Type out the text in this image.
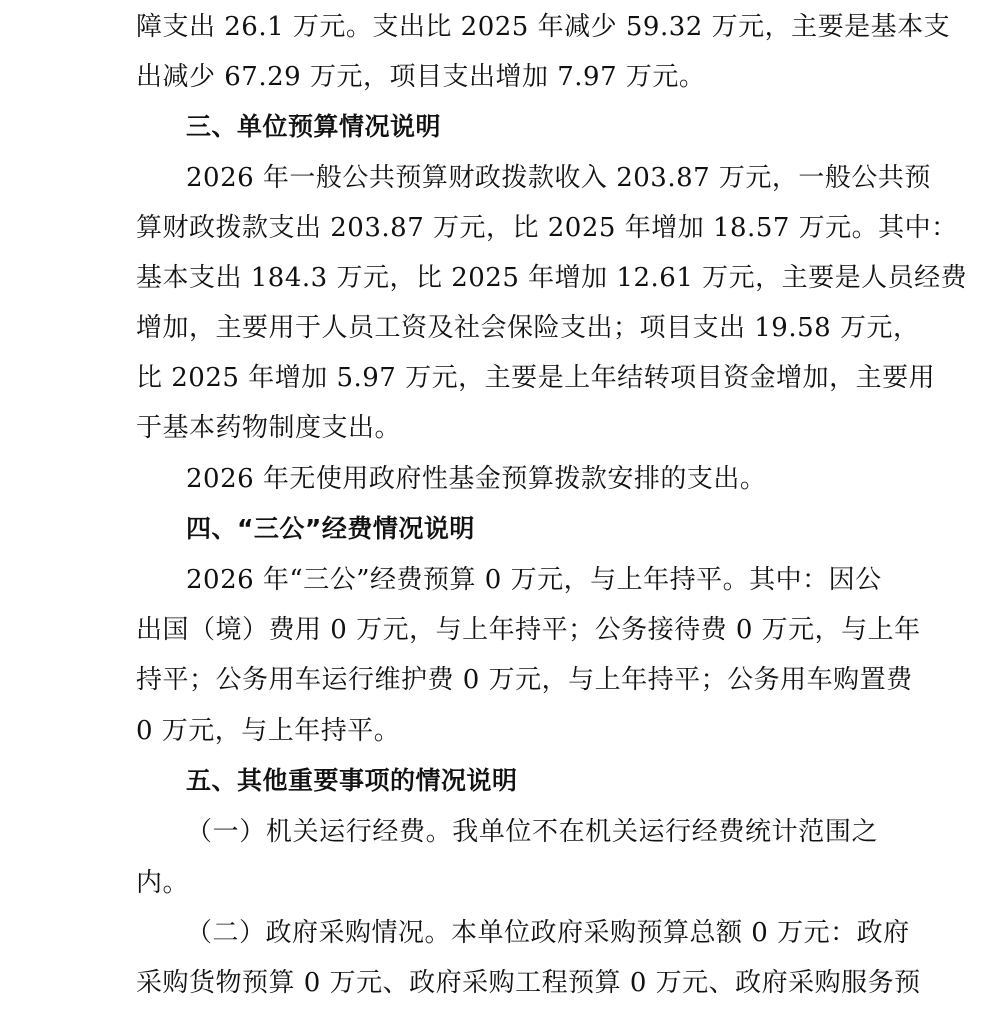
障支出 26.1 万元。支出比 2025 年减少 59.32 万元，主要是基本支
出减少 67.29 万元，项目支出增加 7.97 万元。
三、单位预算情况说明
2026 年一般公共预算财政拨款收入 203.87 万元，一般公共预
算财政拨款支出 203.87 万元，比 2025 年增加 18.57 万元。其中：
基本支出 184.3 万元，比 2025 年增加 12.61 万元，主要是人员经费
增加，主要用于人员工资及社会保险支出；项目支出 19.58 万元，
比 2025 年增加 5.97 万元，主要是上年结转项目资金增加，主要用
于基本药物制度支出。
2026 年无使用政府性基金预算拨款安排的支出。
四、“三公”经费情况说明
2026 年“三公”经费预算 0 万元，与上年持平。其中：因公
出国（境）费用 0 万元，与上年持平；公务接待费 0 万元，与上年
持平；公务用车运行维护费 0 万元，与上年持平；公务用车购置费
0 万元，与上年持平。
五、其他重要事项的情况说明
（一）机关运行经费。我单位不在机关运行经费统计范围之
内。
（二）政府采购情况。本单位政府采购预算总额 0 万元：政府
采购货物预算 0 万元、政府采购工程预算 0 万元、政府采购服务预
